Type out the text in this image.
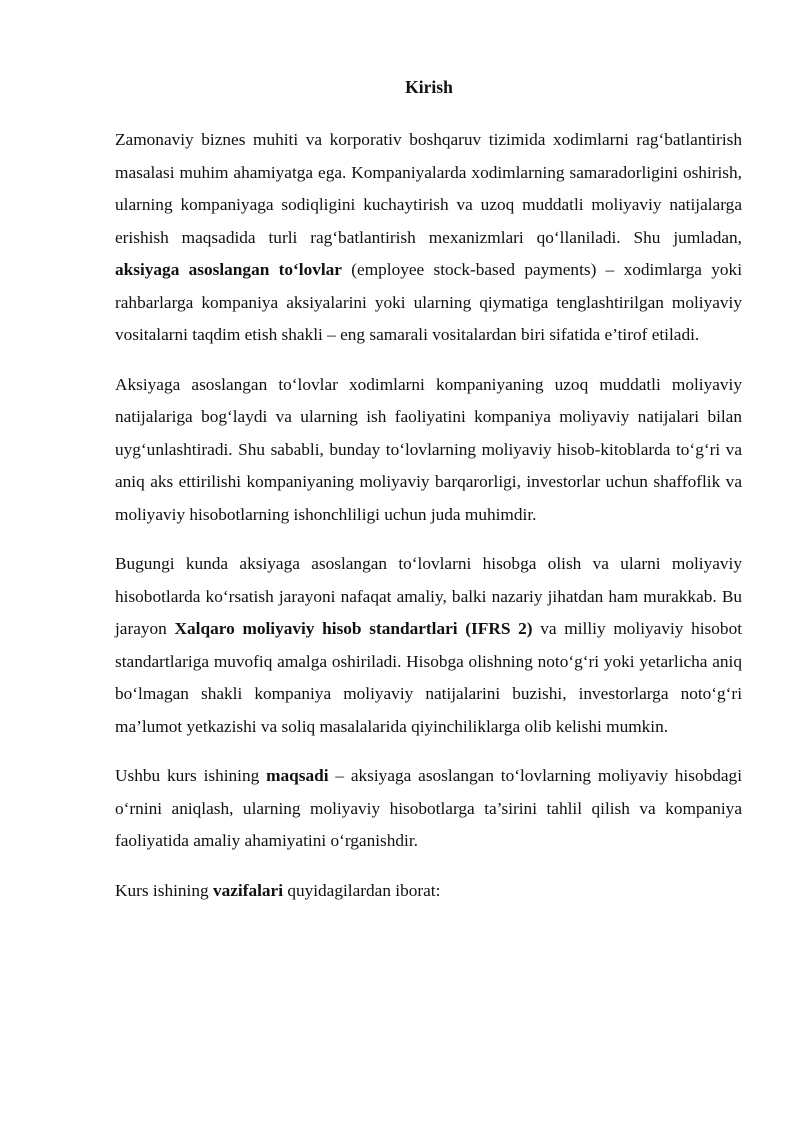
Kirish

Zamonaviy biznes muhiti va korporativ boshqaruv tizimida xodimlarni rag‘batlantirish masalasi muhim ahamiyatga ega. Kompaniyalarda xodimlarning samaradorligini oshirish, ularning kompaniyaga sodiqligini kuchaytirish va uzoq muddatli moliyaviy natijalarga erishish maqsadida turli rag‘batlantirish mexanizmlari qo‘llaniladi. Shu jumladan, aksiyaga asoslangan to‘lovlar (employee stock-based payments) – xodimlarga yoki rahbarlarga kompaniya aksiyalarini yoki ularning qiymatiga tenglashtirilgan moliyaviy vositalarni taqdim etish shakli – eng samarali vositalardan biri sifatida e’tirof etiladi.

Aksiyaga asoslangan to‘lovlar xodimlarni kompaniyaning uzoq muddatli moliyaviy natijalariga bog‘laydi va ularning ish faoliyatini kompaniya moliyaviy natijalari bilan uyg‘unlashtiradi. Shu sababli, bunday to‘lovlarning moliyaviy hisob-kitoblarda to‘g‘ri va aniq aks ettirilishi kompaniyaning moliyaviy barqarorligi, investorlar uchun shaffoflik va moliyaviy hisobotlarning ishonchliligi uchun juda muhimdir.

Bugungi kunda aksiyaga asoslangan to‘lovlarni hisobga olish va ularni moliyaviy hisobotlarda ko‘rsatish jarayoni nafaqat amaliy, balki nazariy jihatdan ham murakkab. Bu jarayon Xalqaro moliyaviy hisob standartlari (IFRS 2) va milliy moliyaviy hisobot standartlariga muvofiq amalga oshiriladi. Hisobga olishning noto‘g‘ri yoki yetarlicha aniq bo‘lmagan shakli kompaniya moliyaviy natijalarini buzishi, investorlarga noto‘g‘ri ma’lumot yetkazishi va soliq masalalarida qiyinchiliklarga olib kelishi mumkin.

Ushbu kurs ishining maqsadi – aksiyaga asoslangan to‘lovlarning moliyaviy hisobdagi o‘rnini aniqlash, ularning moliyaviy hisobotlarga ta’sirini tahlil qilish va kompaniya faoliyatida amaliy ahamiyatini o‘rganishdir.

Kurs ishining vazifalari quyidagilardan iborat:
